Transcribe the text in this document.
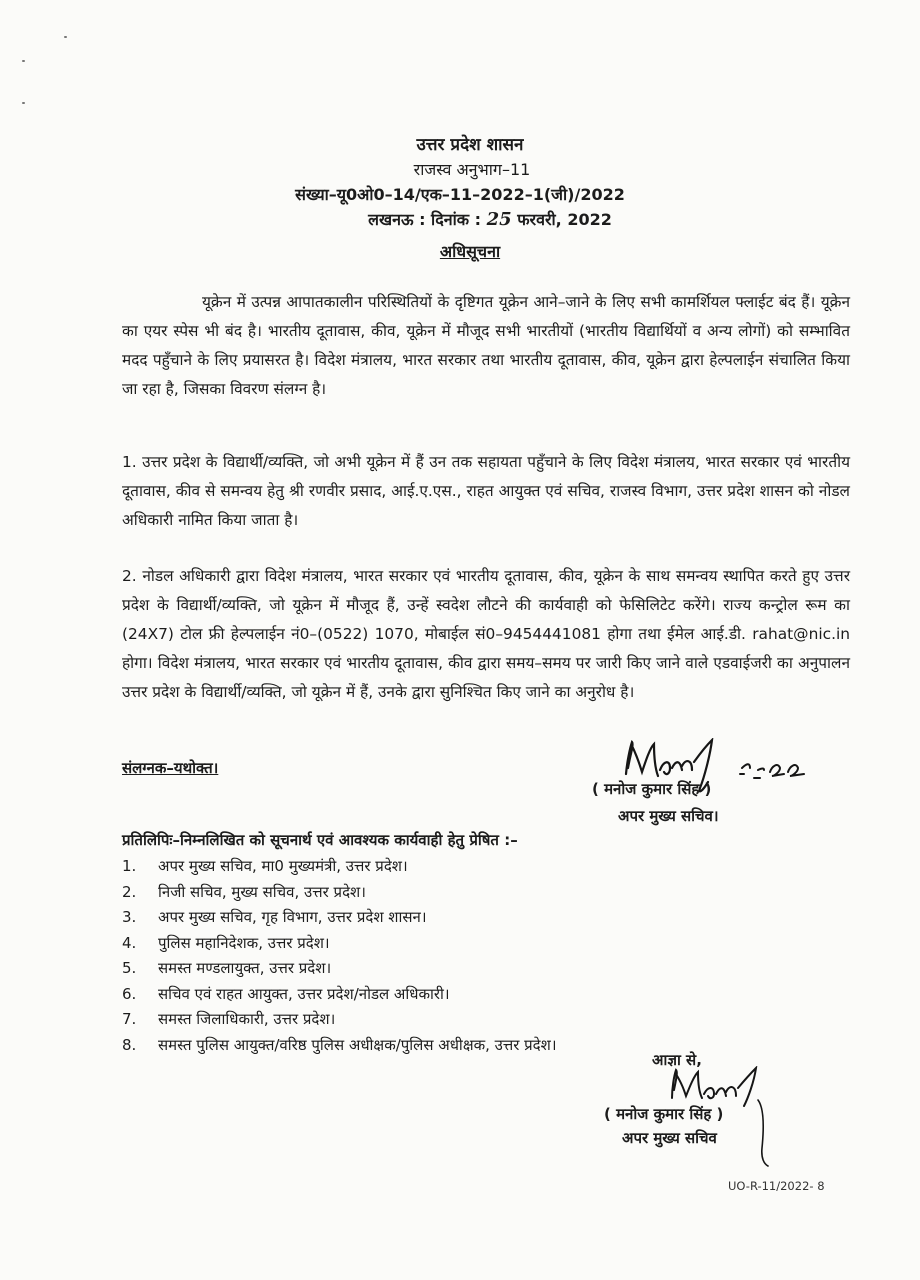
उत्तर प्रदेश शासन
राजस्व अनुभाग–11
संख्या–यू0ओ0–14/एक–11–2022–1(जी)/2022
लखनऊ : दिनांक : 25 फरवरी, 2022
अधिसूचना
यूक्रेन में उत्पन्न आपातकालीन परिस्थितियों के दृष्टिगत यूक्रेन आने–जाने के लिए सभी कामर्शियल फ्लाईट बंद हैं। यूक्रेन का एयर स्पेस भी बंद है। भारतीय दूतावास, कीव, यूक्रेन में मौजूद सभी भारतीयों (भारतीय विद्यार्थियों व अन्य लोगों) को सम्भावित मदद पहुँचाने के लिए प्रयासरत है। विदेश मंत्रालय, भारत सरकार तथा भारतीय दूतावास, कीव, यूक्रेन द्वारा हेल्पलाईन संचालित किया जा रहा है, जिसका विवरण संलग्न है।
1. उत्तर प्रदेश के विद्यार्थी/व्यक्ति, जो अभी यूक्रेन में हैं उन तक सहायता पहुँचाने के लिए विदेश मंत्रालय, भारत सरकार एवं भारतीय दूतावास, कीव से समन्वय हेतु श्री रणवीर प्रसाद, आई.ए.एस., राहत आयुक्त एवं सचिव, राजस्व विभाग, उत्तर प्रदेश शासन को नोडल अधिकारी नामित किया जाता है।
2. नोडल अधिकारी द्वारा विदेश मंत्रालय, भारत सरकार एवं भारतीय दूतावास, कीव, यूक्रेन के साथ समन्वय स्थापित करते हुए उत्तर प्रदेश के विद्यार्थी/व्यक्ति, जो यूक्रेन में मौजूद हैं, उन्हें स्वदेश लौटने की कार्यवाही को फेसिलिटेट करेंगे। राज्य कन्ट्रोल रूम का (24X7) टोल फ्री हेल्पलाईन नं0–(0522) 1070, मोबाईल सं0–9454441081 होगा तथा ईमेल आई.डी. rahat@nic.in होगा। विदेश मंत्रालय, भारत सरकार एवं भारतीय दूतावास, कीव द्वारा समय–समय पर जारी किए जाने वाले एडवाईजरी का अनुपालन उत्तर प्रदेश के विद्यार्थी/व्यक्ति, जो यूक्रेन में हैं, उनके द्वारा सुनिश्चित किए जाने का अनुरोध है।
संलग्नक–यथोक्त।
( मनोज कुमार सिंह )
अपर मुख्य सचिव।
प्रतिलिपिः–निम्नलिखित को सूचनार्थ एवं आवश्यक कार्यवाही हेतु प्रेषित :–
1. अपर मुख्य सचिव, मा0 मुख्यमंत्री, उत्तर प्रदेश।
2. निजी सचिव, मुख्य सचिव, उत्तर प्रदेश।
3. अपर मुख्य सचिव, गृह विभाग, उत्तर प्रदेश शासन।
4. पुलिस महानिदेशक, उत्तर प्रदेश।
5. समस्त मण्डलायुक्त, उत्तर प्रदेश।
6. सचिव एवं राहत आयुक्त, उत्तर प्रदेश/नोडल अधिकारी।
7. समस्त जिलाधिकारी, उत्तर प्रदेश।
8. समस्त पुलिस आयुक्त/वरिष्ठ पुलिस अधीक्षक/पुलिस अधीक्षक, उत्तर प्रदेश।
आज्ञा से,
( मनोज कुमार सिंह )
अपर मुख्य सचिव
UO-R-11/2022- 8
